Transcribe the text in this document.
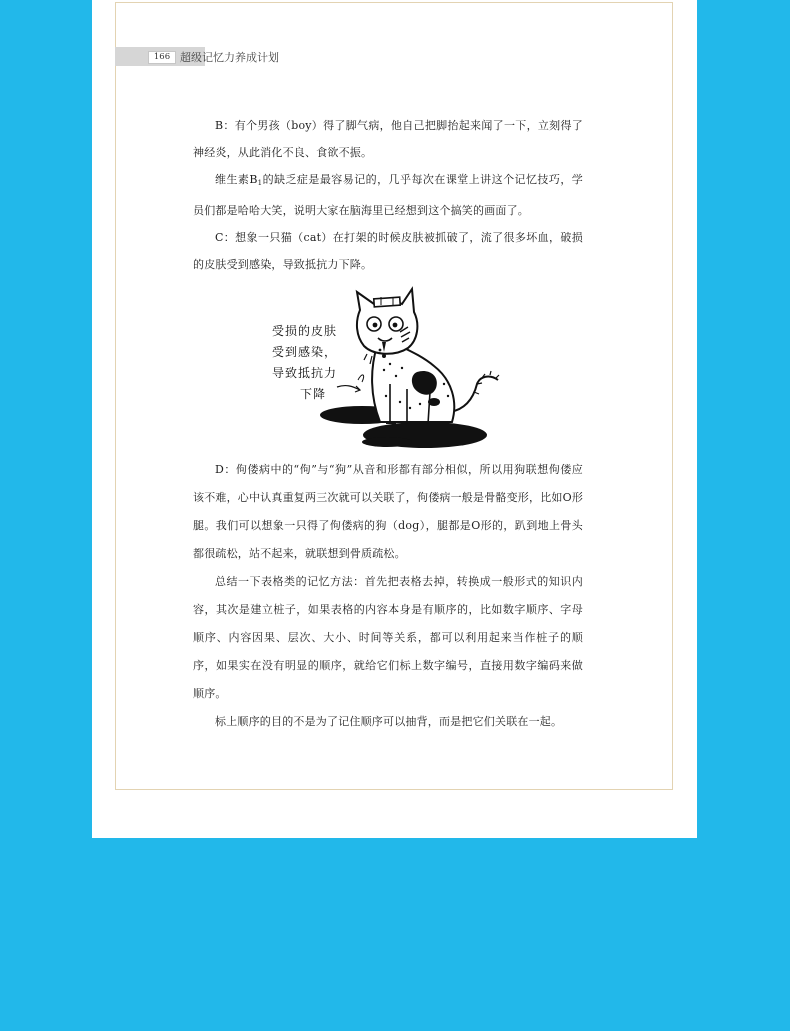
166 超级记忆力养成计划

B：有个男孩（boy）得了脚气病，他自己把脚抬起来闻了一下，立刻得了神经炎，从此消化不良、食欲不振。

维生素$B_1$的缺乏症是最容易记的，几乎每次在课堂上讲这个记忆技巧，学员们都是哈哈大笑，说明大家在脑海里已经想到这个搞笑的画面了。

C：想象一只猫（cat）在打架的时候皮肤被抓破了，流了很多坏血，破损的皮肤受到感染，导致抵抗力下降。

受损的皮肤
受到感染，
导致抵抗力
下降

D：佝偻病中的“佝”与“狗”从音和形都有部分相似，所以用狗联想佝偻应该不难，心中认真重复两三次就可以关联了，佝偻病一般是骨骼变形，比如O形腿。我们可以想象一只得了佝偻病的狗（dog），腿都是O形的，趴到地上骨头都很疏松，站不起来，就联想到骨质疏松。

总结一下表格类的记忆方法：首先把表格去掉，转换成一般形式的知识内容，其次是建立桩子，如果表格的内容本身是有顺序的，比如数字顺序、字母顺序、内容因果、层次、大小、时间等关系，都可以利用起来当作桩子的顺序，如果实在没有明显的顺序，就给它们标上数字编号，直接用数字编码来做顺序。

标上顺序的目的不是为了记住顺序可以抽背，而是把它们关联在一起。
